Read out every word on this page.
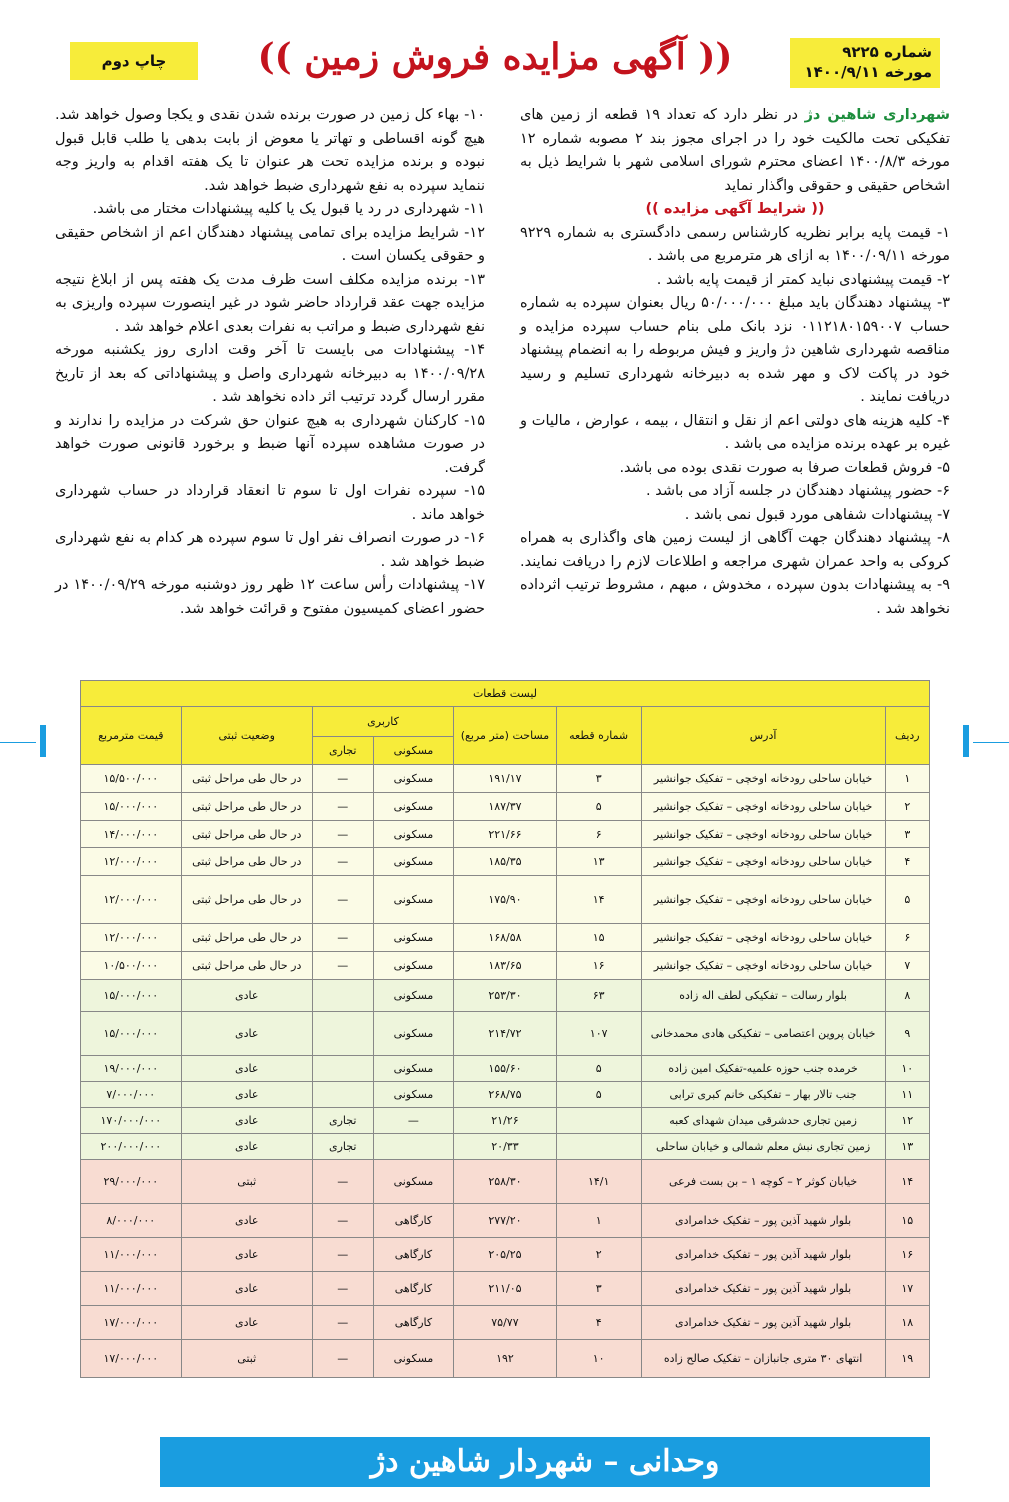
شماره ۹۲۲۵
مورخه ۱۴۰۰/۹/۱۱
(( آگهی مزایده فروش زمین ))
چاپ دوم

شهرداری شاهین دژ در نظر دارد که تعداد ۱۹ قطعه از زمین های تفکیکی تحت مالکیت خود را در اجرای مجوز بند ۲ مصوبه شماره ۱۲ مورخه ۱۴۰۰/۸/۳ اعضای محترم شورای اسلامی شهر با شرایط ذیل به اشخاص حقیقی و حقوقی واگذار نماید

(( شرایط آگهی مزایده ))

۱- قیمت پایه برابر نظریه کارشناس رسمی دادگستری به شماره ۹۲۲۹ مورخه ۱۴۰۰/۰۹/۱۱ به ازای هر مترمربع می باشد .

۲- قیمت پیشنهادی نباید کمتر از قیمت پایه باشد .

۳- پیشنهاد دهندگان باید مبلغ ۵۰/۰۰۰/۰۰۰ ریال بعنوان سپرده به شماره حساب ۰۱۱۲۱۸۰۱۵۹۰۰۷ نزد بانک ملی بنام حساب سپرده مزایده و مناقصه شهرداری شاهین دژ واریز و فیش مربوطه را به انضمام پیشنهاد خود در پاکت لاک و مهر شده به دبیرخانه شهرداری تسلیم و رسید دریافت نمایند .

۴- کلیه هزینه های دولتی اعم از نقل و انتقال ، بیمه ، عوارض ، مالیات و غیره بر عهده برنده مزایده می باشد .

۵- فروش قطعات صرفا به صورت نقدی بوده می باشد.

۶- حضور پیشنهاد دهندگان در جلسه آزاد می باشد .

۷- پیشنهادات شفاهی مورد قبول نمی باشد .

۸- پیشنهاد دهندگان جهت آگاهی از لیست زمین های واگذاری به همراه کروکی به واحد عمران شهری مراجعه و اطلاعات لازم را دریافت نمایند. ۹- به پیشنهادات بدون سپرده ، مخدوش ، مبهم ، مشروط ترتیب اثرداده نخواهد شد .

۱۰- بهاء کل زمین در صورت برنده شدن نقدی و یکجا وصول خواهد شد. هیچ گونه اقساطی و تهاتر یا معوض از بابت بدهی یا طلب قابل قبول نبوده و برنده مزایده تحت هر عنوان تا یک هفته اقدام به واریز وجه ننماید سپرده به نفع شهرداری ضبط خواهد شد.

۱۱- شهرداری در رد یا قبول یک یا کلیه پیشنهادات مختار می باشد.

۱۲- شرایط مزایده برای تمامی پیشنهاد دهندگان اعم از اشخاص حقیقی و حقوقی یکسان است .

۱۳- برنده مزایده مکلف است ظرف مدت یک هفته پس از ابلاغ نتیجه مزایده جهت عقد قرارداد حاضر شود در غیر اینصورت سپرده واریزی به نفع شهرداری ضبط و مراتب به نفرات بعدی اعلام خواهد شد .

۱۴- پیشنهادات می بایست تا آخر وقت اداری روز یکشنبه مورخه ۱۴۰۰/۰۹/۲۸ به دبیرخانه شهرداری واصل و پیشنهاداتی که بعد از تاریخ مقرر ارسال گردد ترتیب اثر داده نخواهد شد .

۱۵- کارکنان شهرداری به هیچ عنوان حق شرکت در مزایده را ندارند و در صورت مشاهده سپرده آنها ضبط و برخورد قانونی صورت خواهد گرفت.

۱۵- سپرده نفرات اول تا سوم تا انعقاد قرارداد در حساب شهرداری خواهد ماند .

۱۶- در صورت انصراف نفر اول تا سوم سپرده هر کدام به نفع شهرداری ضبط خواهد شد .

۱۷- پیشنهادات رأس ساعت ۱۲ ظهر روز دوشنبه مورخه ۱۴۰۰/۰۹/۲۹ در حضور اعضای کمیسیون مفتوح و قرائت خواهد شد.

لیست قطعات							
ردیف	آدرس	شماره قطعه	مساحت (متر مربع)	کاربری		وضعیت ثبتی	قیمت مترمربع
				مسکونی	تجاری		
۱	خیابان ساحلی رودخانه اوخچی – تفکیک جوانشیر	۳	۱۹۱/۱۷	مسکونی	—	در حال طی مراحل ثبتی	۱۵/۵۰۰/۰۰۰
۲	خیابان ساحلی رودخانه اوخچی – تفکیک جوانشیر	۵	۱۸۷/۳۷	مسکونی	—	در حال طی مراحل ثبتی	۱۵/۰۰۰/۰۰۰
۳	خیابان ساحلی رودخانه اوخچی – تفکیک جوانشیر	۶	۲۲۱/۶۶	مسکونی	—	در حال طی مراحل ثبتی	۱۴/۰۰۰/۰۰۰
۴	خیابان ساحلی رودخانه اوخچی – تفکیک جوانشیر	۱۳	۱۸۵/۳۵	مسکونی	—	در حال طی مراحل ثبتی	۱۲/۰۰۰/۰۰۰
۵	خیابان ساحلی رودخانه اوخچی – تفکیک جوانشیر	۱۴	۱۷۵/۹۰	مسکونی	—	در حال طی مراحل ثبتی	۱۲/۰۰۰/۰۰۰
۶	خیابان ساحلی رودخانه اوخچی – تفکیک جوانشیر	۱۵	۱۶۸/۵۸	مسکونی	—	در حال طی مراحل ثبتی	۱۲/۰۰۰/۰۰۰
۷	خیابان ساحلی رودخانه اوخچی – تفکیک جوانشیر	۱۶	۱۸۳/۶۵	مسکونی	—	در حال طی مراحل ثبتی	۱۰/۵۰۰/۰۰۰
۸	بلوار رسالت – تفکیکی لطف اله زاده	۶۳	۲۵۳/۳۰	مسکونی		عادی	۱۵/۰۰۰/۰۰۰
۹	خیابان پروین اعتصامی – تفکیکی هادی محمدخانی	۱۰۷	۲۱۴/۷۲	مسکونی		عادی	۱۵/۰۰۰/۰۰۰
۱۰	خرمده جنب حوزه علمیه-تفکیک امین زاده	۵	۱۵۵/۶۰	مسکونی		عادی	۱۹/۰۰۰/۰۰۰
۱۱	جنب تالار بهار – تفکیکی خانم کبری ترابی	۵	۲۶۸/۷۵	مسکونی		عادی	۷/۰۰۰/۰۰۰
۱۲	زمین تجاری حدشرقی میدان شهدای کعبه		۲۱/۲۶	—	تجاری	عادی	۱۷۰/۰۰۰/۰۰۰
۱۳	زمین تجاری نبش معلم شمالی و خیابان ساحلی		۲۰/۳۳		تجاری	عادی	۲۰۰/۰۰۰/۰۰۰
۱۴	خیابان کوثر ۲ – کوچه ۱ – بن بست فرعی	۱۴/۱	۲۵۸/۳۰	مسکونی	—	ثبتی	۲۹/۰۰۰/۰۰۰
۱۵	بلوار شهید آذین پور – تفکیک خدامرادی	۱	۲۷۷/۲۰	کارگاهی	—	عادی	۸/۰۰۰/۰۰۰
۱۶	بلوار شهید آذین پور – تفکیک خدامرادی	۲	۲۰۵/۲۵	کارگاهی	—	عادی	۱۱/۰۰۰/۰۰۰
۱۷	بلوار شهید آذین پور – تفکیک خدامرادی	۳	۲۱۱/۰۵	کارگاهی	—	عادی	۱۱/۰۰۰/۰۰۰
۱۸	بلوار شهید آذین پور – تفکیک خدامرادی	۴	۷۵/۷۷	کارگاهی	—	عادی	۱۷/۰۰۰/۰۰۰
۱۹	انتهای ۳۰ متری جانبازان – تفکیک صالح زاده	۱۰	۱۹۲	مسکونی	—	ثبتی	۱۷/۰۰۰/۰۰۰
وحدانی – شهردار شاهین دژ
